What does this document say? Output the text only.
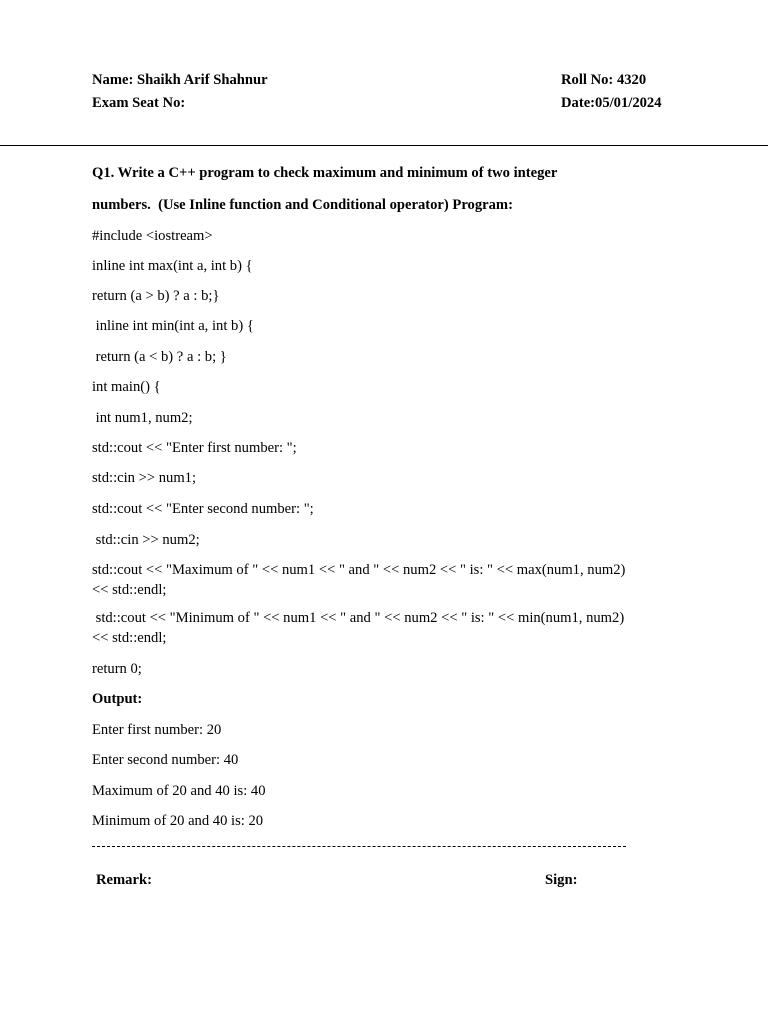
Name: Shaikh Arif Shahnur	Roll No: 4320
Exam Seat No:	Date:05/01/2024
Q1. Write a C++ program to check maximum and minimum of two integer
numbers.  (Use Inline function and Conditional operator) Program:
#include <iostream>
inline int max(int a, int b) {
return (a > b) ? a : b;}
inline int min(int a, int b) {
return (a < b) ? a : b; }
int main() {
int num1, num2;
std::cout << "Enter first number: ";
std::cin >> num1;
std::cout << "Enter second number: ";
std::cin >> num2;
std::cout << "Maximum of " << num1 << " and " << num2 << " is: " << max(num1, num2)
<< std::endl;
std::cout << "Minimum of " << num1 << " and " << num2 << " is: " << min(num1, num2)
<< std::endl;
return 0;
Output:
Enter first number: 20
Enter second number: 40
Maximum of 20 and 40 is: 40
Minimum of 20 and 40 is: 20
Remark:	Sign:
